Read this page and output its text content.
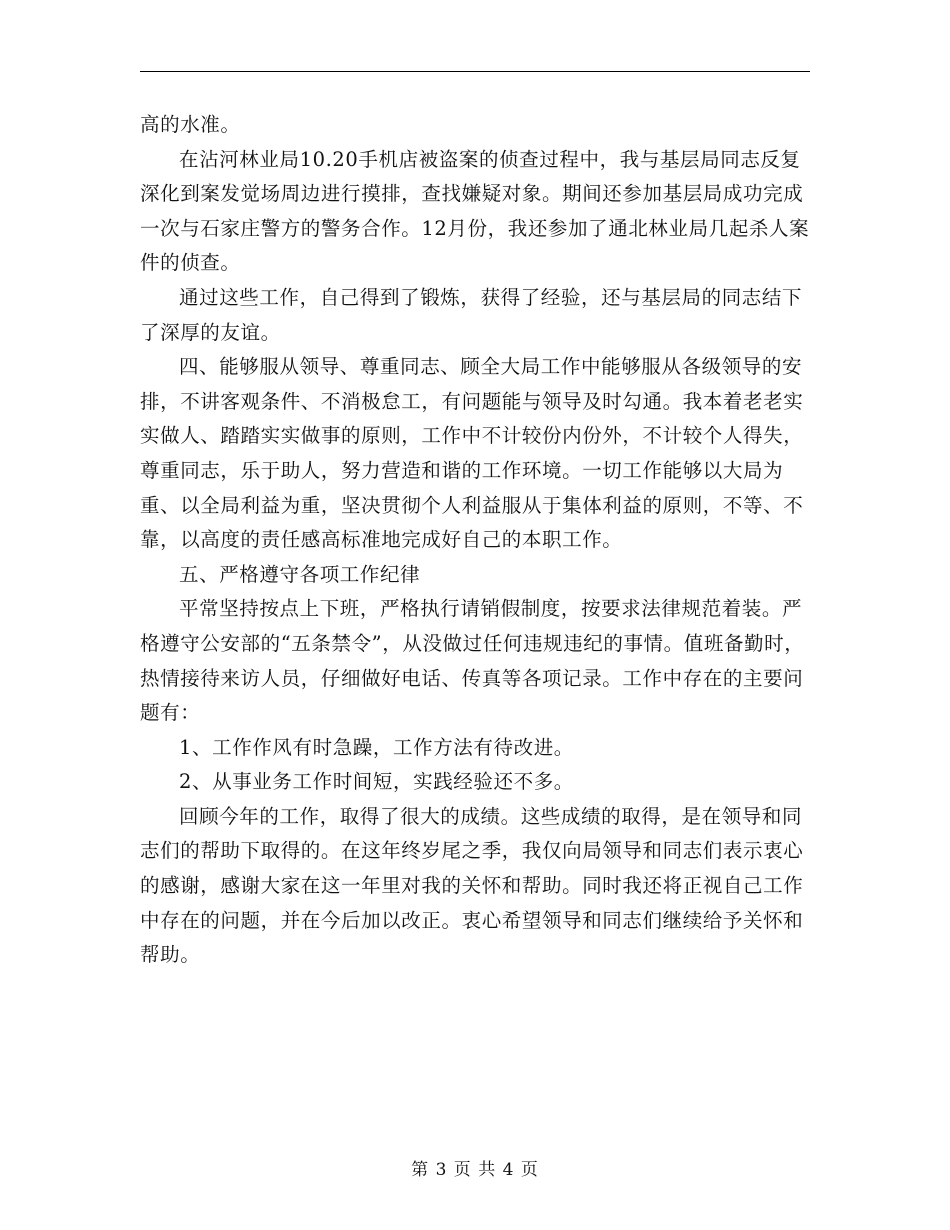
高的水准。

在沾河林业局10.20手机店被盗案的侦查过程中，我与基层局同志反复深化到案发觉场周边进行摸排，查找嫌疑对象。期间还参加基层局成功完成一次与石家庄警方的警务合作。12月份，我还参加了通北林业局几起杀人案件的侦查。

通过这些工作，自己得到了锻炼，获得了经验，还与基层局的同志结下了深厚的友谊。

四、能够服从领导、尊重同志、顾全大局工作中能够服从各级领导的安排，不讲客观条件、不消极怠工，有问题能与领导及时勾通。我本着老老实实做人、踏踏实实做事的原则，工作中不计较份内份外，不计较个人得失，尊重同志，乐于助人，努力营造和谐的工作环境。一切工作能够以大局为重、以全局利益为重，坚决贯彻个人利益服从于集体利益的原则，不等、不靠，以高度的责任感高标准地完成好自己的本职工作。

五、严格遵守各项工作纪律

平常坚持按点上下班，严格执行请销假制度，按要求法律规范着装。严格遵守公安部的“五条禁令”，从没做过任何违规违纪的事情。值班备勤时，热情接待来访人员，仔细做好电话、传真等各项记录。工作中存在的主要问题有：

1、工作作风有时急躁，工作方法有待改进。

2、从事业务工作时间短，实践经验还不多。

回顾今年的工作，取得了很大的成绩。这些成绩的取得，是在领导和同志们的帮助下取得的。在这年终岁尾之季，我仅向局领导和同志们表示衷心的感谢，感谢大家在这一年里对我的关怀和帮助。同时我还将正视自己工作中存在的问题，并在今后加以改正。衷心希望领导和同志们继续给予关怀和帮助。

第 3 页 共 4 页
